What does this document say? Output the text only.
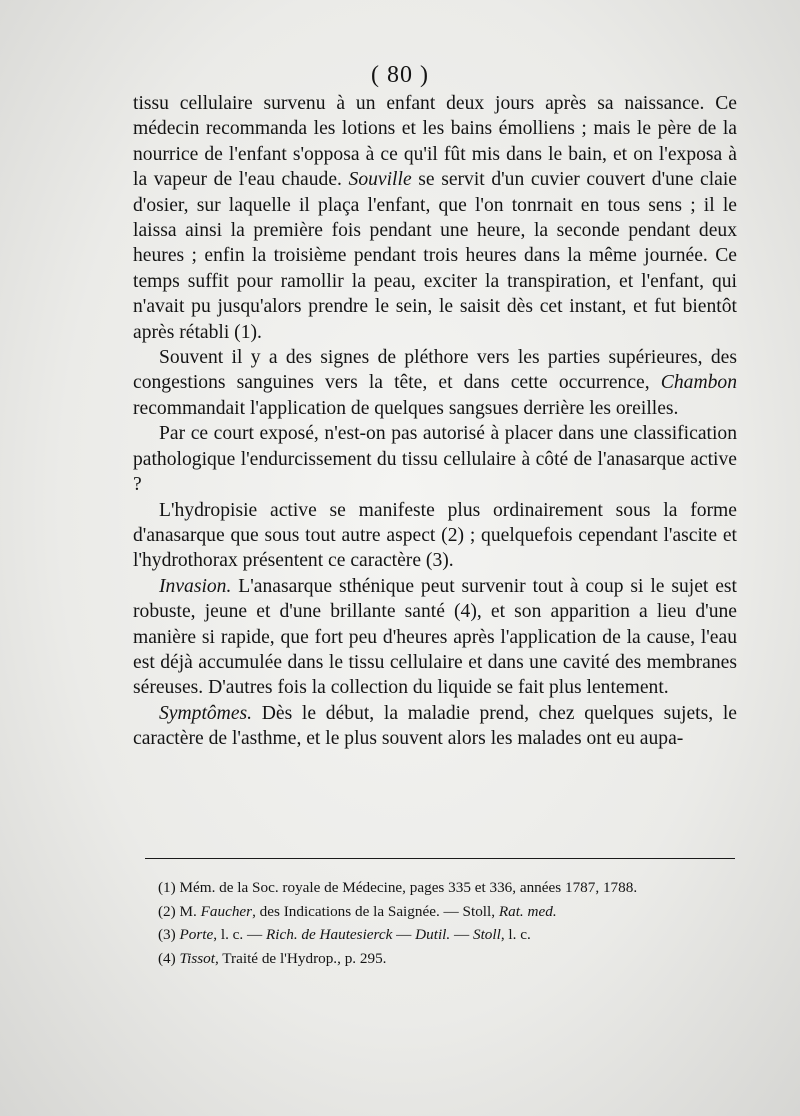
( 80 )

tissu cellulaire survenu à un enfant deux jours après sa naissance. Ce médecin recommanda les lotions et les bains émolliens ; mais le père de la nourrice de l'enfant s'opposa à ce qu'il fût mis dans le bain, et on l'exposa à la vapeur de l'eau chaude. Souville se servit d'un cuvier couvert d'une claie d'osier, sur laquelle il plaça l'enfant, que l'on tonrnait en tous sens ; il le laissa ainsi la première fois pendant une heure, la seconde pendant deux heures ; enfin la troisième pendant trois heures dans la même journée. Ce temps suffit pour ramollir la peau, exciter la transpiration, et l'enfant, qui n'avait pu jusqu'alors prendre le sein, le saisit dès cet instant, et fut bientôt après rétabli (1).

Souvent il y a des signes de pléthore vers les parties supérieures, des congestions sanguines vers la tête, et dans cette occurrence, Chambon recommandait l'application de quelques sangsues derrière les oreilles.

Par ce court exposé, n'est-on pas autorisé à placer dans une classification pathologique l'endurcissement du tissu cellulaire à côté de l'anasarque active ?

L'hydropisie active se manifeste plus ordinairement sous la forme d'anasarque que sous tout autre aspect (2) ; quelquefois cependant l'ascite et l'hydrothorax présentent ce caractère (3).

Invasion. L'anasarque sthénique peut survenir tout à coup si le sujet est robuste, jeune et d'une brillante santé (4), et son apparition a lieu d'une manière si rapide, que fort peu d'heures après l'application de la cause, l'eau est déjà accumulée dans le tissu cellulaire et dans une cavité des membranes séreuses. D'autres fois la collection du liquide se fait plus lentement.

Symptômes. Dès le début, la maladie prend, chez quelques sujets, le caractère de l'asthme, et le plus souvent alors les malades ont eu aupa-

(1) Mém. de la Soc. royale de Médecine, pages 335 et 336, années 1787, 1788.
(2) M. Faucher, des Indications de la Saignée. — Stoll, Rat. med.
(3) Porte, l. c. — Rich. de Hautesierck — Dutil. — Stoll, l. c.
(4) Tissot, Traité de l'Hydrop., p. 295.
